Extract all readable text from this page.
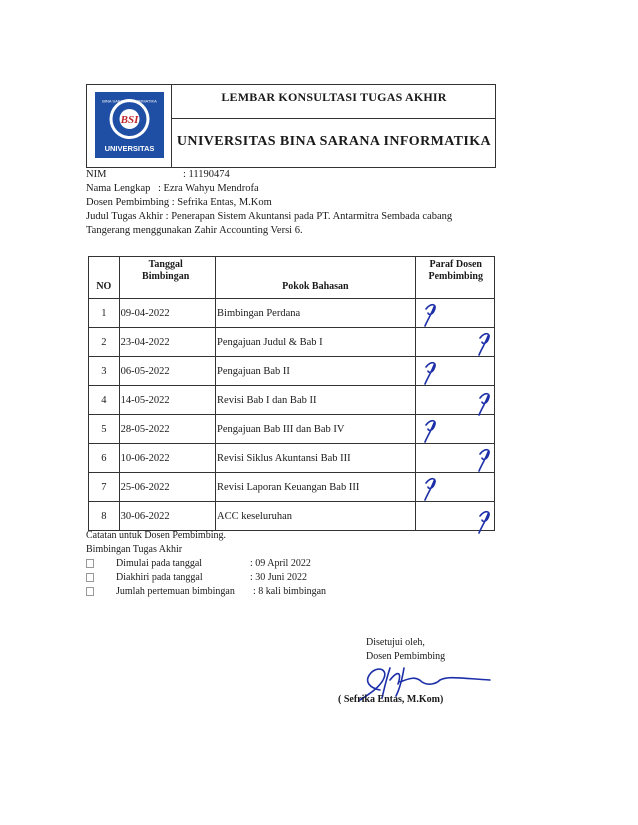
BSI
BINA SARANA INFORMATIKA
UNIVERSITAS
LEMBAR KONSULTASI TUGAS AKHIR
UNIVERSITAS BINA SARANA INFORMATIKA
NIM	: 11190474
Nama Lengkap : Ezra Wahyu Mendrofa
Dosen Pembimbing : Sefrika Entas, M.Kom
Judul Tugas Akhir : Penerapan Sistem Akuntansi pada PT. Antarmitra Sembada cabang
Tangerang menggunakan Zahir Accounting Versi 6.
NO	Tanggal Bimbingan	Pokok Bahasan	Paraf Dosen Pembimbing

1	09-04-2022	Bimbingan Perdana	

2	23-04-2022	Pengajuan Judul & Bab I	

3	06-05-2022	Pengajuan Bab II	

4	14-05-2022	Revisi Bab I dan Bab II	

5	28-05-2022	Pengajuan Bab III dan Bab IV	

6	10-06-2022	Revisi Siklus Akuntansi Bab III	

7	25-06-2022	Revisi Laporan Keuangan Bab III	

8	30-06-2022	ACC keseluruhan	
Catatan untuk Dosen Pembimbing.
Bimbingan Tugas Akhir
Dimulai pada tanggal	: 09 April 2022
Diakhiri pada tanggal	: 30 Juni 2022
Jumlah pertemuan bimbingan : 8 kali bimbingan
Disetujui oleh,
Dosen Pembimbing
( Sefrika Entas, M.Kom)
